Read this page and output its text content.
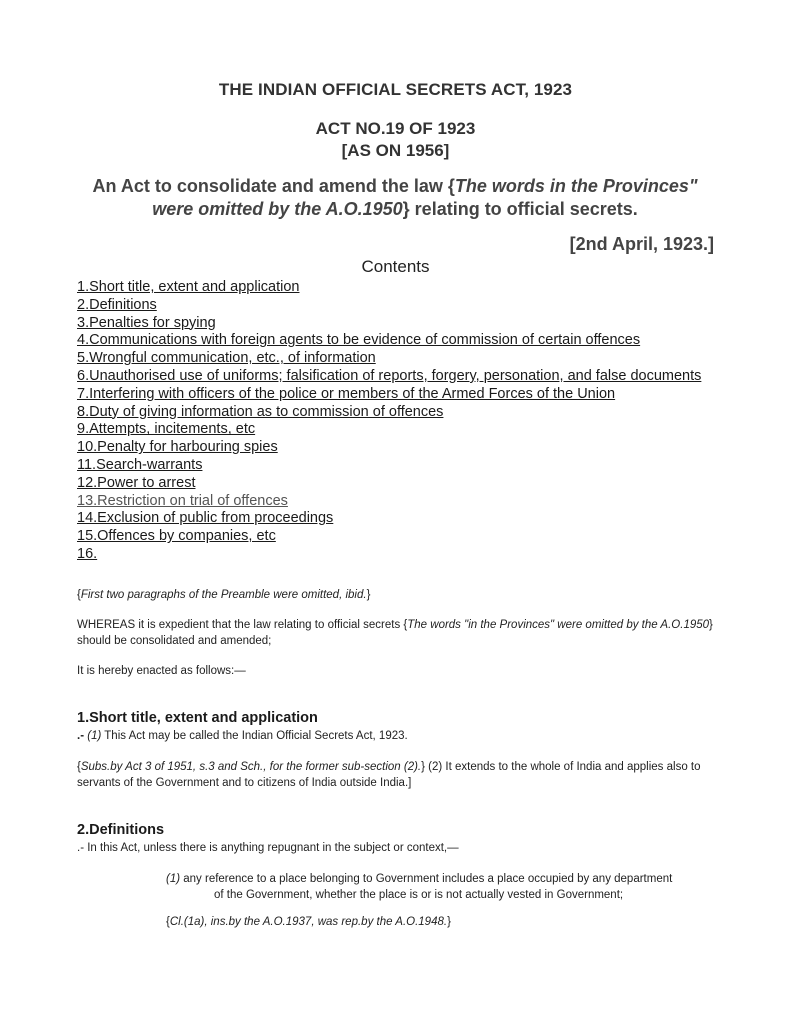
THE INDIAN OFFICIAL SECRETS ACT, 1923
ACT NO.19 OF 1923
[AS ON 1956]
An Act to consolidate and amend the law {The words in the Provinces" were omitted by the A.O.1950} relating to official secrets.
[2nd April, 1923.]
Contents
1.Short title, extent and application
2.Definitions
3.Penalties for spying
4.Communications with foreign agents to be evidence of commission of certain offences
5.Wrongful communication, etc., of information
6.Unauthorised use of uniforms; falsification of reports, forgery, personation, and false documents
7.Interfering with officers of the police or members of the Armed Forces of the Union
8.Duty of giving information as to commission of offences
9.Attempts, incitements, etc
10.Penalty for harbouring spies
11.Search-warrants
12.Power to arrest
13.Restriction on trial of offences
14.Exclusion of public from proceedings
15.Offences by companies, etc
16.
{First two paragraphs of the Preamble were omitted, ibid.}
WHEREAS it is expedient that the law relating to official secrets {The words "in the Provinces" were omitted by the A.O.1950} should be consolidated and amended;
It is hereby enacted as follows:—
1.Short title, extent and application
.- (1) This Act may be called the Indian Official Secrets Act, 1923.
{Subs.by Act 3 of 1951, s.3 and Sch., for the former sub-section (2).} (2) It extends to the whole of India and applies also to servants of the Government and to citizens of India outside India.]
2.Definitions
.- In this Act, unless there is anything repugnant in the subject or context,—
(1) any reference to a place belonging to Government includes a place occupied by any department
of the Government, whether the place is or is not actually vested in Government;
{Cl.(1a), ins.by the A.O.1937, was rep.by the A.O.1948.}
